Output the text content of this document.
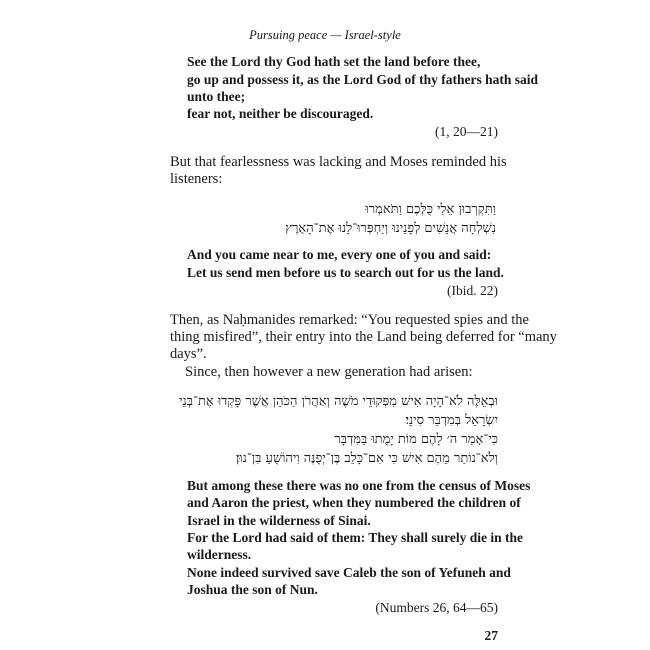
Pursuing peace — Israel-style

See the Lord thy God hath set the land before thee,

go up and possess it, as the Lord God of thy fathers hath said

unto thee;

fear not, neither be discouraged.

(1, 20—21)

But that fearlessness was lacking and Moses reminded his

listeners:

וַתִּקְרְבוּן אֵלַי כֻּלְּכֶם וַתֹּאמְרוּ

נִשְׁלְחָה אֲנָשִׁים לְפָנֵינוּ וְיַחְפְּרוּ־לָנוּ אֶת־הָאָרֶץ

And you came near to me, every one of you and said:

Let us send men before us to search out for us the land.

(Ibid. 22)

Then, as Naḥmanides remarked: “You requested spies and the

thing misfired”, their entry into the Land being deferred for “many

days”.

Since, then however a new generation had arisen:

וּבְאֵלֶּה לֹא־הָיָה אִישׁ מִפְּקוּדֵי מֹשֶׁה וְאַהֲרֹן הַכֹּהֵן אֲשֶׁר פָּקְדוּ אֶת־בְּנֵי

יִשְׂרָאֵל בְּמִדְבַּר סִינָי׃

כִּי־אָמַר ה׳ לָהֶם מוֹת יָמֻתוּ בַּמִּדְבָּר

וְלֹא־נוֹתַר מֵהֶם אִישׁ כִּי אִם־כָּלֵב בֶּן־יְפֻנֶּה וִיהוֹשֻׁעַ בִּן־נוּן׃

But among these there was no one from the census of Moses

and Aaron the priest, when they numbered the children of

Israel in the wilderness of Sinai.

For the Lord had said of them: They shall surely die in the

wilderness.

None indeed survived save Caleb the son of Yefuneh and

Joshua the son of Nun.

(Numbers 26, 64—65)

27
